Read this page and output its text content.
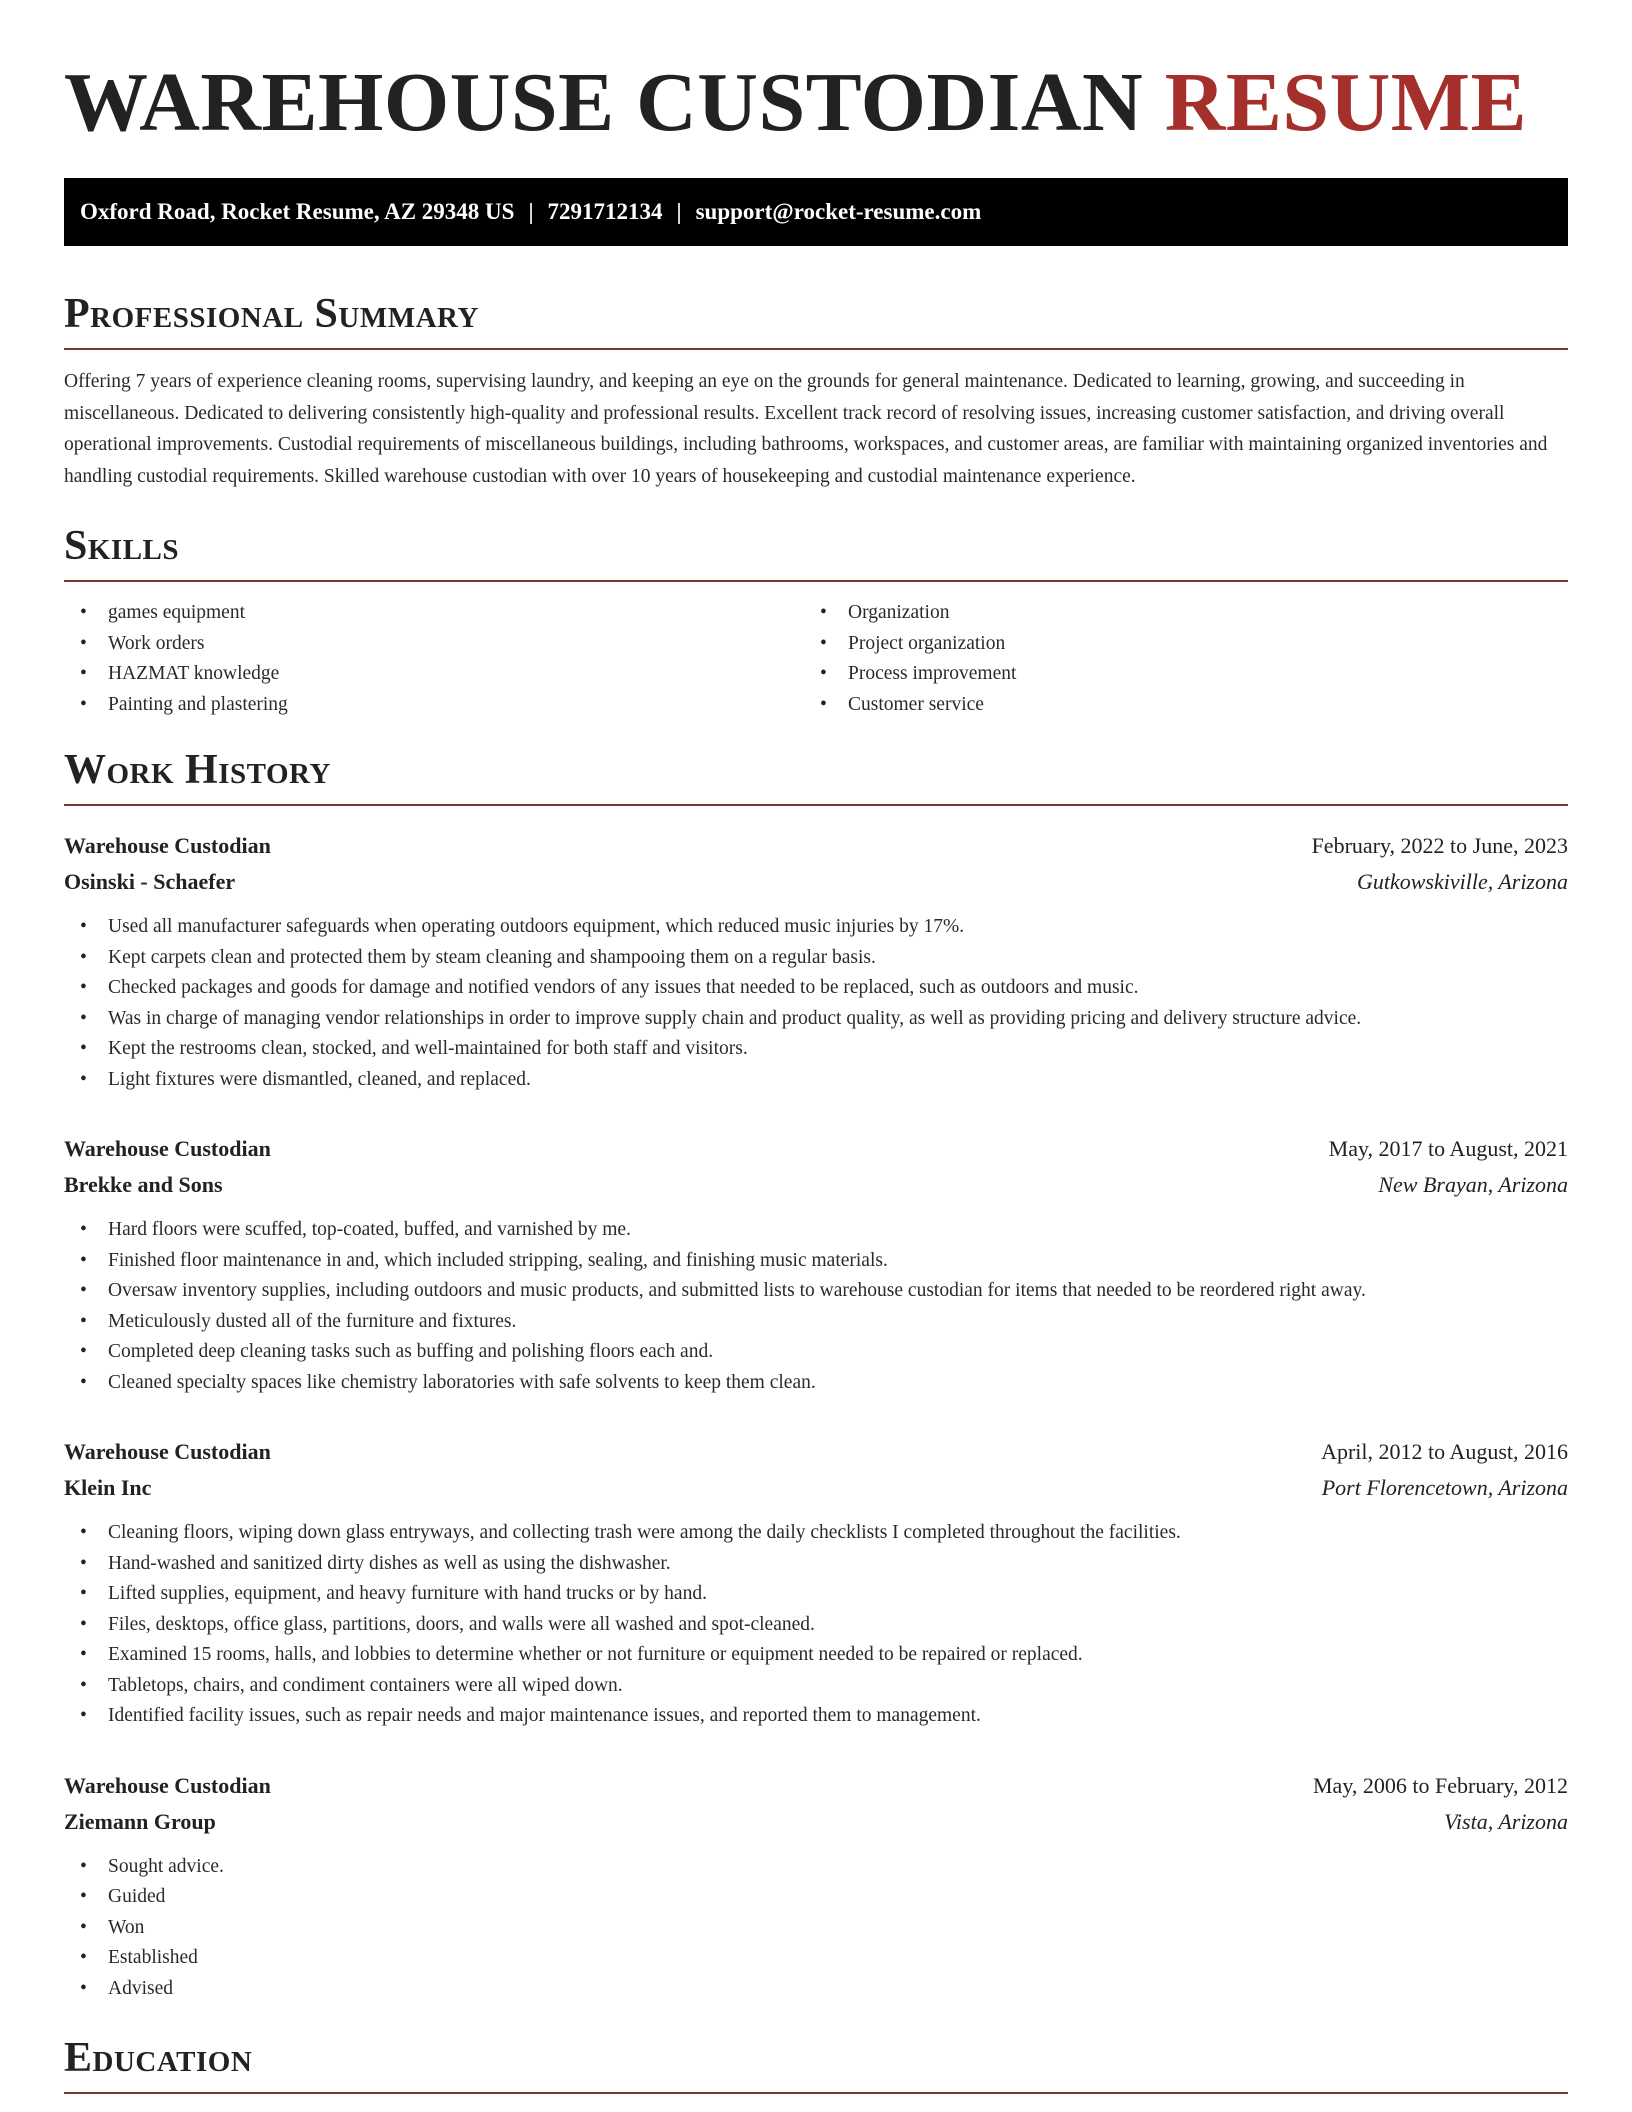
WAREHOUSE CUSTODIAN RESUME
Oxford Road, Rocket Resume, AZ 29348 US | 7291712134 | support@rocket-resume.com
Professional Summary

Offering 7 years of experience cleaning rooms, supervising laundry, and keeping an eye on the grounds for general maintenance. Dedicated to learning, growing, and succeeding in miscellaneous. Dedicated to delivering consistently high-quality and professional results. Excellent track record of resolving issues, increasing customer satisfaction, and driving overall operational improvements. Custodial requirements of miscellaneous buildings, including bathrooms, workspaces, and customer areas, are familiar with maintaining organized inventories and handling custodial requirements. Skilled warehouse custodian with over 10 years of housekeeping and custodial maintenance experience.

Skills
• games equipment
• Work orders
• HAZMAT knowledge
• Painting and plastering
• Organization
• Project organization
• Process improvement
• Customer service
Work History
Warehouse Custodian	February, 2022 to June, 2023
Osinski - Schaefer	Gutkowskiville, Arizona
• Used all manufacturer safeguards when operating outdoors equipment, which reduced music injuries by 17%.
• Kept carpets clean and protected them by steam cleaning and shampooing them on a regular basis.
• Checked packages and goods for damage and notified vendors of any issues that needed to be replaced, such as outdoors and music.
• Was in charge of managing vendor relationships in order to improve supply chain and product quality, as well as providing pricing and delivery structure advice.
• Kept the restrooms clean, stocked, and well-maintained for both staff and visitors.
• Light fixtures were dismantled, cleaned, and replaced.
Warehouse Custodian	May, 2017 to August, 2021
Brekke and Sons	New Brayan, Arizona
• Hard floors were scuffed, top-coated, buffed, and varnished by me.
• Finished floor maintenance in and, which included stripping, sealing, and finishing music materials.
• Oversaw inventory supplies, including outdoors and music products, and submitted lists to warehouse custodian for items that needed to be reordered right away.
• Meticulously dusted all of the furniture and fixtures.
• Completed deep cleaning tasks such as buffing and polishing floors each and.
• Cleaned specialty spaces like chemistry laboratories with safe solvents to keep them clean.
Warehouse Custodian	April, 2012 to August, 2016
Klein Inc	Port Florencetown, Arizona
• Cleaning floors, wiping down glass entryways, and collecting trash were among the daily checklists I completed throughout the facilities.
• Hand-washed and sanitized dirty dishes as well as using the dishwasher.
• Lifted supplies, equipment, and heavy furniture with hand trucks or by hand.
• Files, desktops, office glass, partitions, doors, and walls were all washed and spot-cleaned.
• Examined 15 rooms, halls, and lobbies to determine whether or not furniture or equipment needed to be repaired or replaced.
• Tabletops, chairs, and condiment containers were all wiped down.
• Identified facility issues, such as repair needs and major maintenance issues, and reported them to management.
Warehouse Custodian	May, 2006 to February, 2012
Ziemann Group	Vista, Arizona
• Sought advice.
• Guided
• Won
• Established
• Advised
Education
